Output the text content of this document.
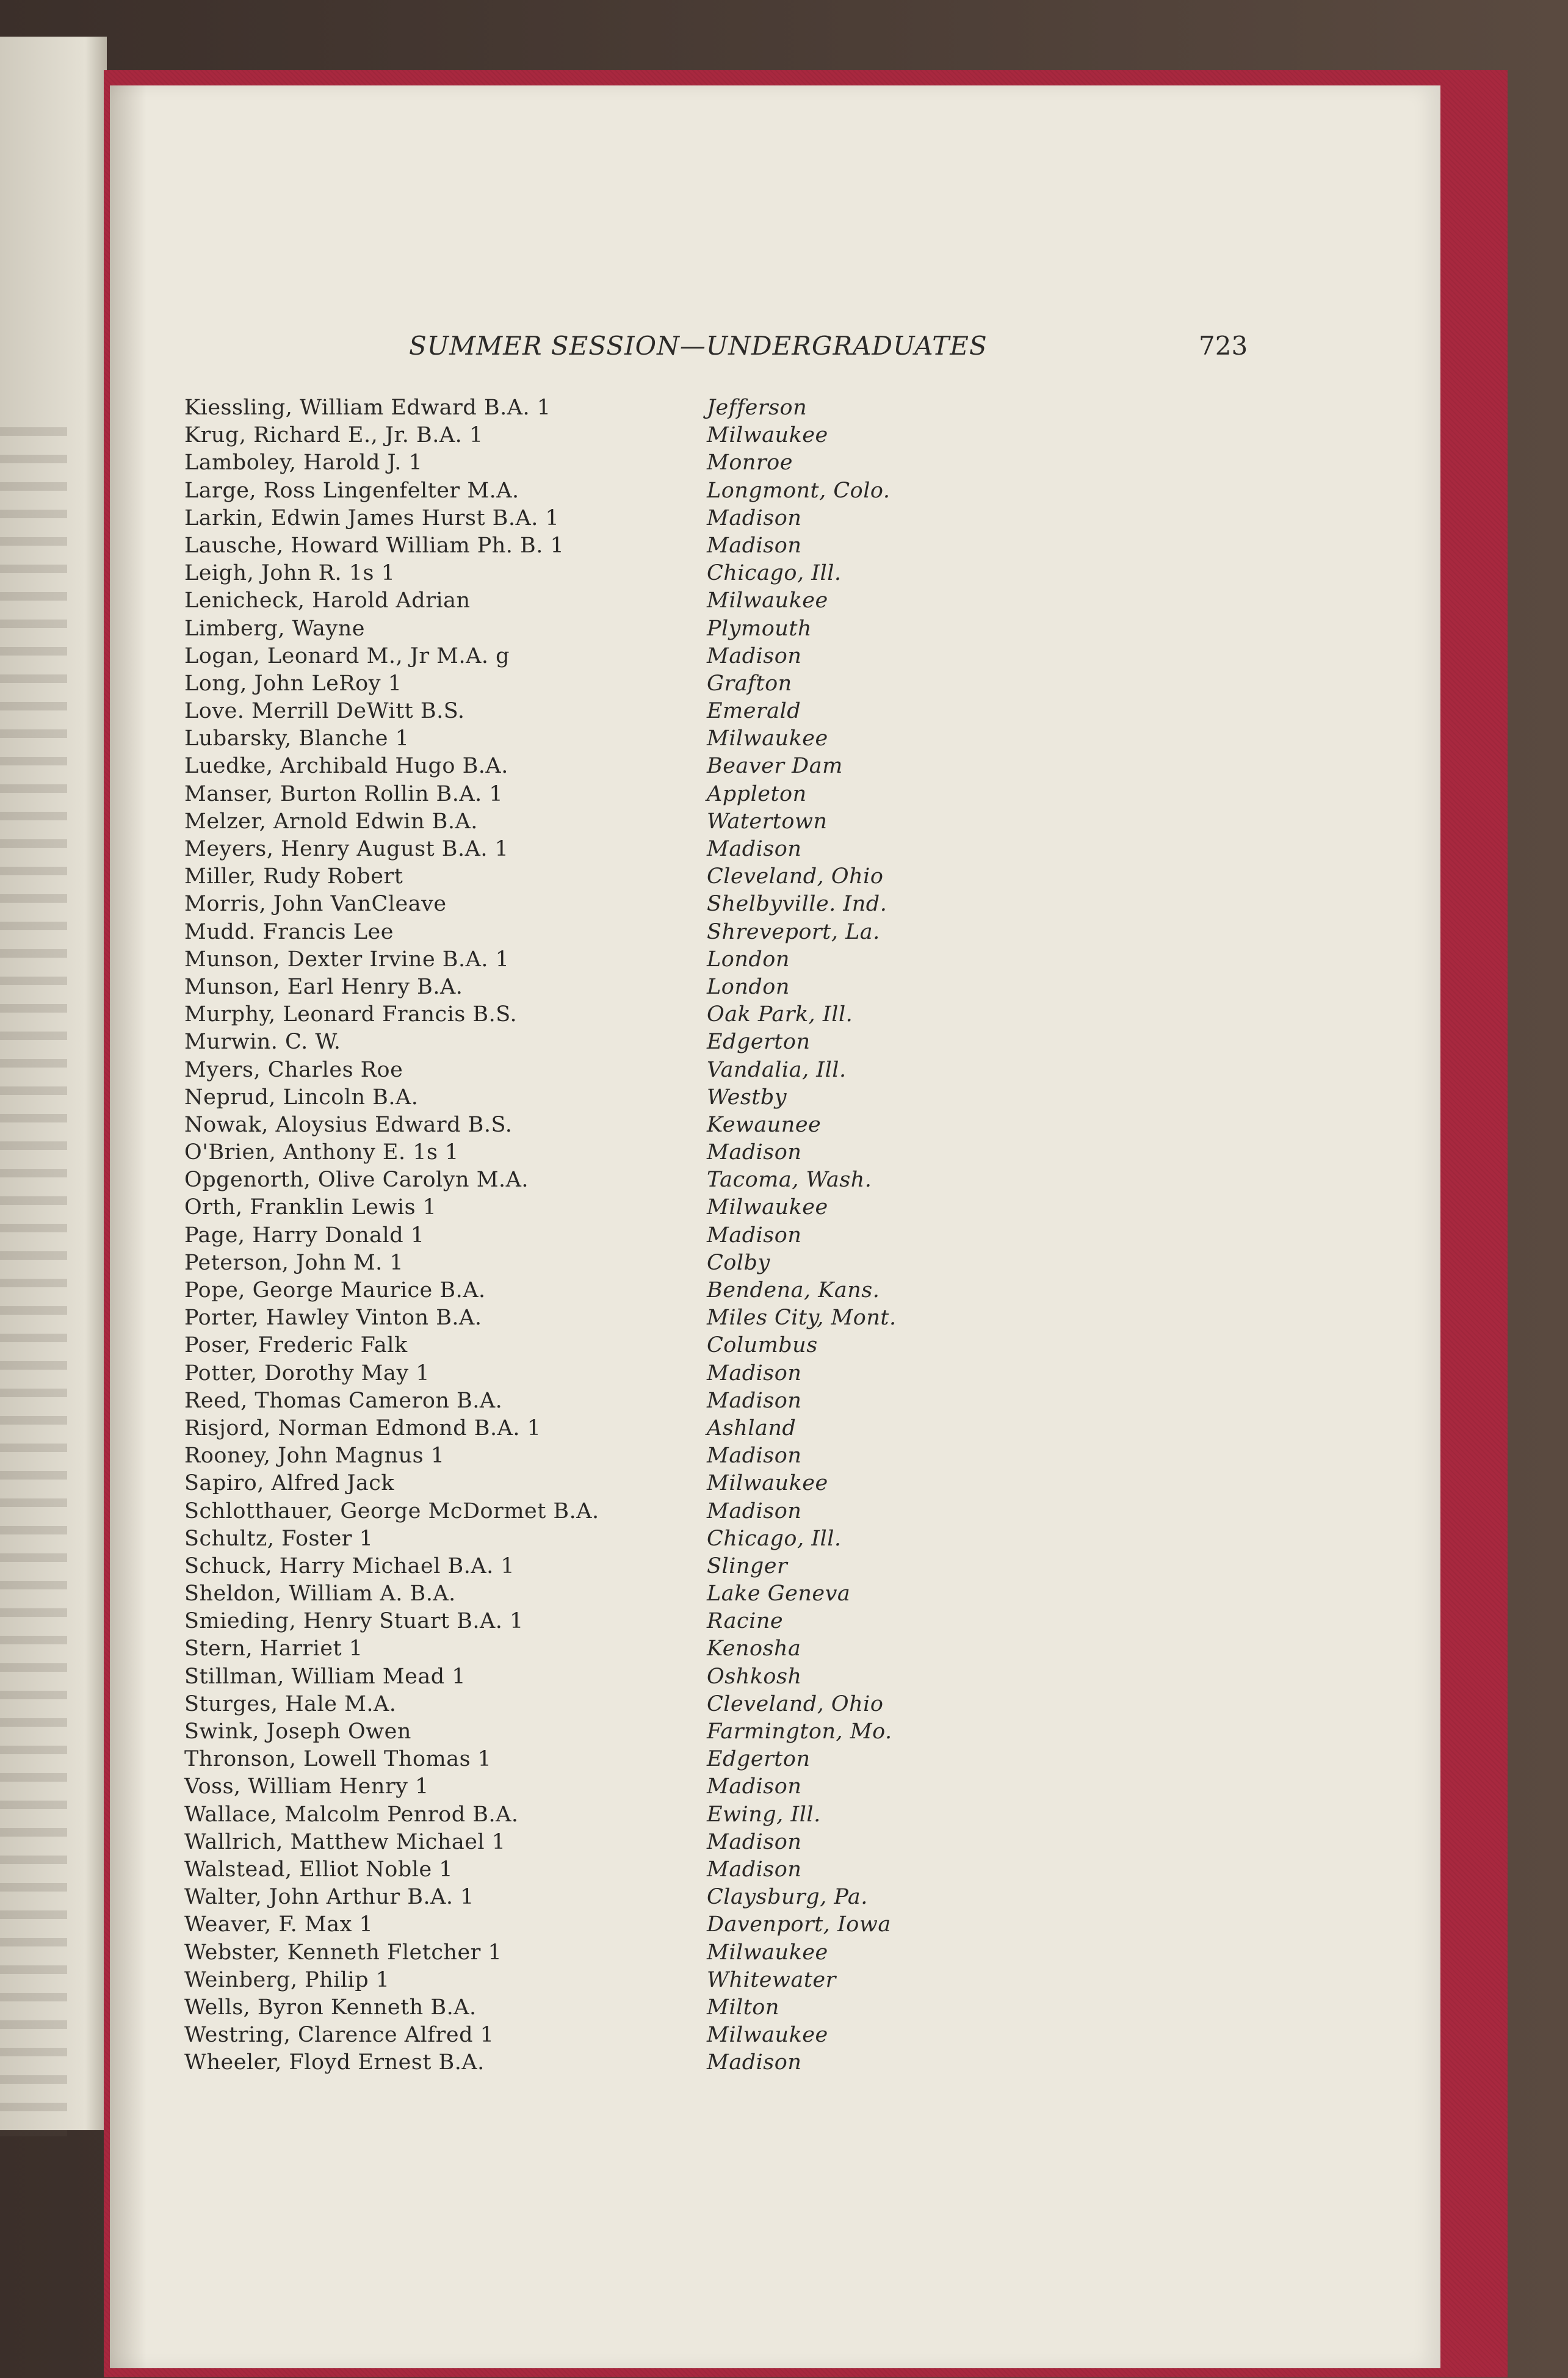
SUMMER SESSION—UNDERGRADUATES	723
Kiessling, William Edward B.A. 1	Jefferson
Krug, Richard E., Jr. B.A. 1	Milwaukee
Lamboley, Harold J. 1	Monroe
Large, Ross Lingenfelter M.A.	Longmont, Colo.
Larkin, Edwin James Hurst B.A. 1	Madison
Lausche, Howard William Ph. B. 1	Madison
Leigh, John R. 1s 1	Chicago, Ill.
Lenicheck, Harold Adrian	Milwaukee
Limberg, Wayne	Plymouth
Logan, Leonard M., Jr M.A. g	Madison
Long, John LeRoy 1	Grafton
Love. Merrill DeWitt B.S.	Emerald
Lubarsky, Blanche 1	Milwaukee
Luedke, Archibald Hugo B.A.	Beaver Dam
Manser, Burton Rollin B.A. 1	Appleton
Melzer, Arnold Edwin B.A.	Watertown
Meyers, Henry August B.A. 1	Madison
Miller, Rudy Robert	Cleveland, Ohio
Morris, John VanCleave	Shelbyville. Ind.
Mudd. Francis Lee	Shreveport, La.
Munson, Dexter Irvine B.A. 1	London
Munson, Earl Henry B.A.	London
Murphy, Leonard Francis B.S.	Oak Park, Ill.
Murwin. C. W.	Edgerton
Myers, Charles Roe	Vandalia, Ill.
Neprud, Lincoln B.A.	Westby
Nowak, Aloysius Edward B.S.	Kewaunee
O'Brien, Anthony E. 1s 1	Madison
Opgenorth, Olive Carolyn M.A.	Tacoma, Wash.
Orth, Franklin Lewis 1	Milwaukee
Page, Harry Donald 1	Madison
Peterson, John M. 1	Colby
Pope, George Maurice B.A.	Bendena, Kans.
Porter, Hawley Vinton B.A.	Miles City, Mont.
Poser, Frederic Falk	Columbus
Potter, Dorothy May 1	Madison
Reed, Thomas Cameron B.A.	Madison
Risjord, Norman Edmond B.A. 1	Ashland
Rooney, John Magnus 1	Madison
Sapiro, Alfred Jack	Milwaukee
Schlotthauer, George McDormet B.A.	Madison
Schultz, Foster 1	Chicago, Ill.
Schuck, Harry Michael B.A. 1	Slinger
Sheldon, William A. B.A.	Lake Geneva
Smieding, Henry Stuart B.A. 1	Racine
Stern, Harriet 1	Kenosha
Stillman, William Mead 1	Oshkosh
Sturges, Hale M.A.	Cleveland, Ohio
Swink, Joseph Owen	Farmington, Mo.
Thronson, Lowell Thomas 1	Edgerton
Voss, William Henry 1	Madison
Wallace, Malcolm Penrod B.A.	Ewing, Ill.
Wallrich, Matthew Michael 1	Madison
Walstead, Elliot Noble 1	Madison
Walter, John Arthur B.A. 1	Claysburg, Pa.
Weaver, F. Max 1	Davenport, Iowa
Webster, Kenneth Fletcher 1	Milwaukee
Weinberg, Philip 1	Whitewater
Wells, Byron Kenneth B.A.	Milton
Westring, Clarence Alfred 1	Milwaukee
Wheeler, Floyd Ernest B.A.	Madison
